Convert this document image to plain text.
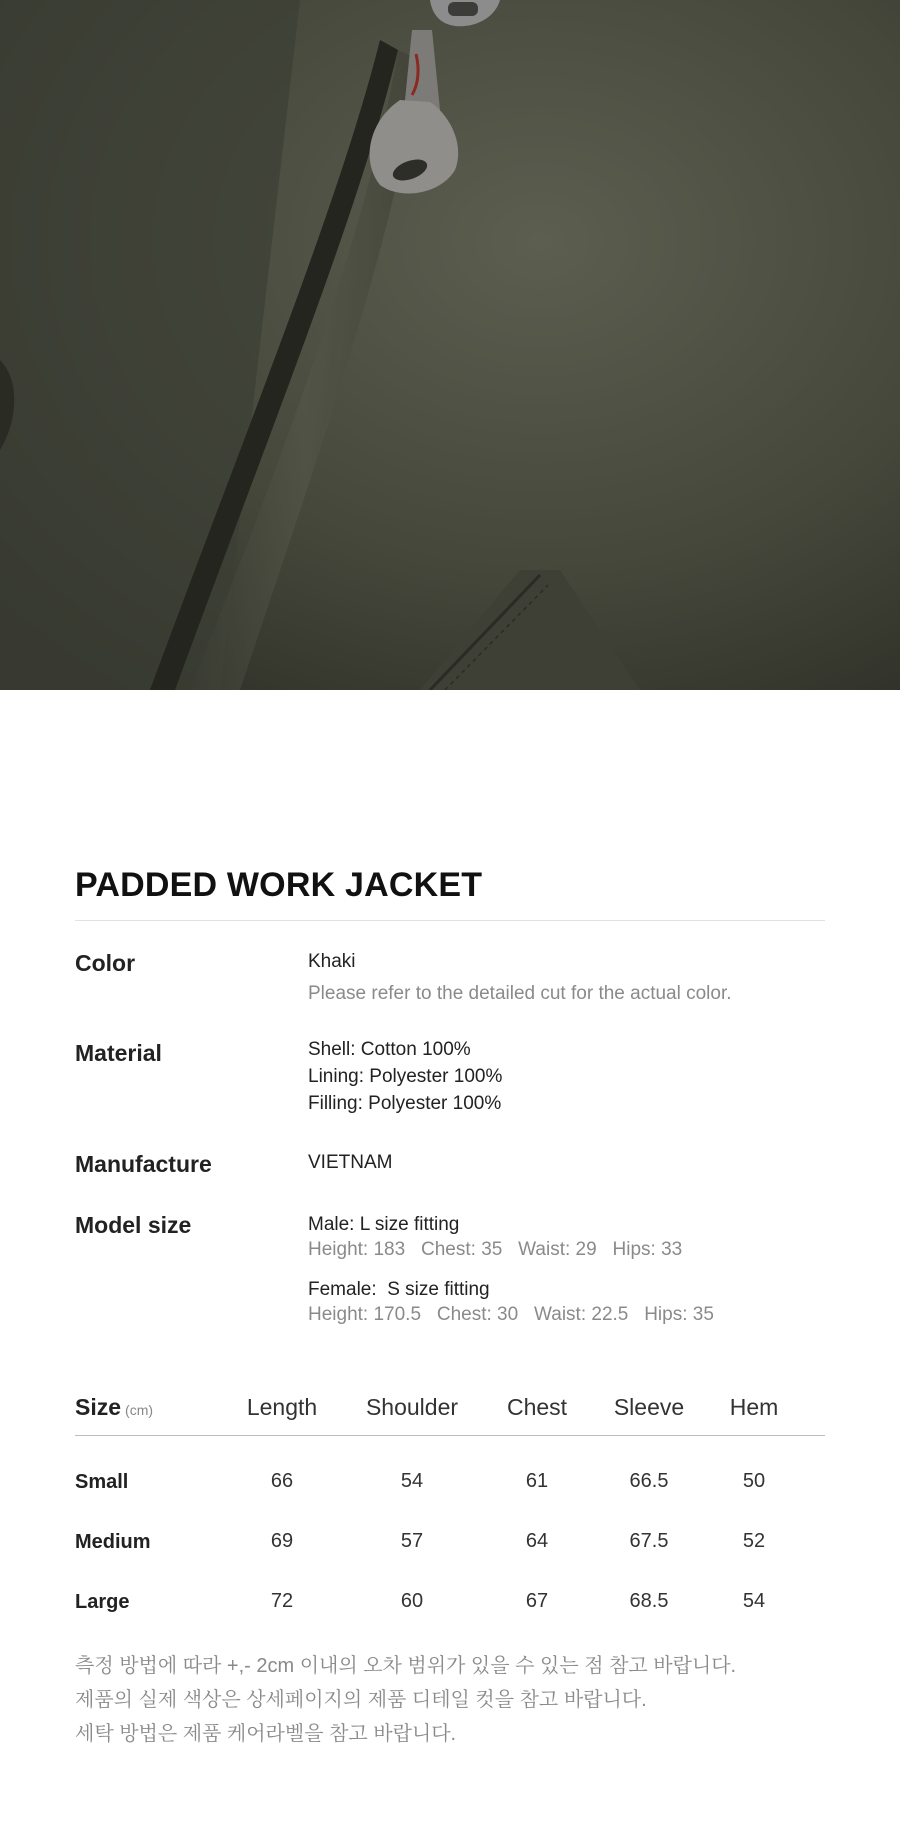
PADDED WORK JACKET
Color	Khaki
Please refer to the detailed cut for the actual color.
Material	Shell: Cotton 100%
Lining: Polyester 100%
Filling: Polyester 100%
Manufacture	VIETNAM
Model size	Male: L size fitting
Height: 183   Chest: 35   Waist: 29   Hips: 33
Female:  S size fitting
Height: 170.5   Chest: 30   Waist: 22.5   Hips: 35
Size (cm)	Length Shoulder Chest Sleeve Hem
Small	66	54	61	66.5	50
Medium	69	57	64	67.5	52
Large	72	60	67	68.5	54
측정 방법에 따라 +,- 2cm 이내의 오차 범위가 있을 수 있는 점 참고 바랍니다.
제품의 실제 색상은 상세페이지의 제품 디테일 컷을 참고 바랍니다.
세탁 방법은 제품 케어라벨을 참고 바랍니다.
